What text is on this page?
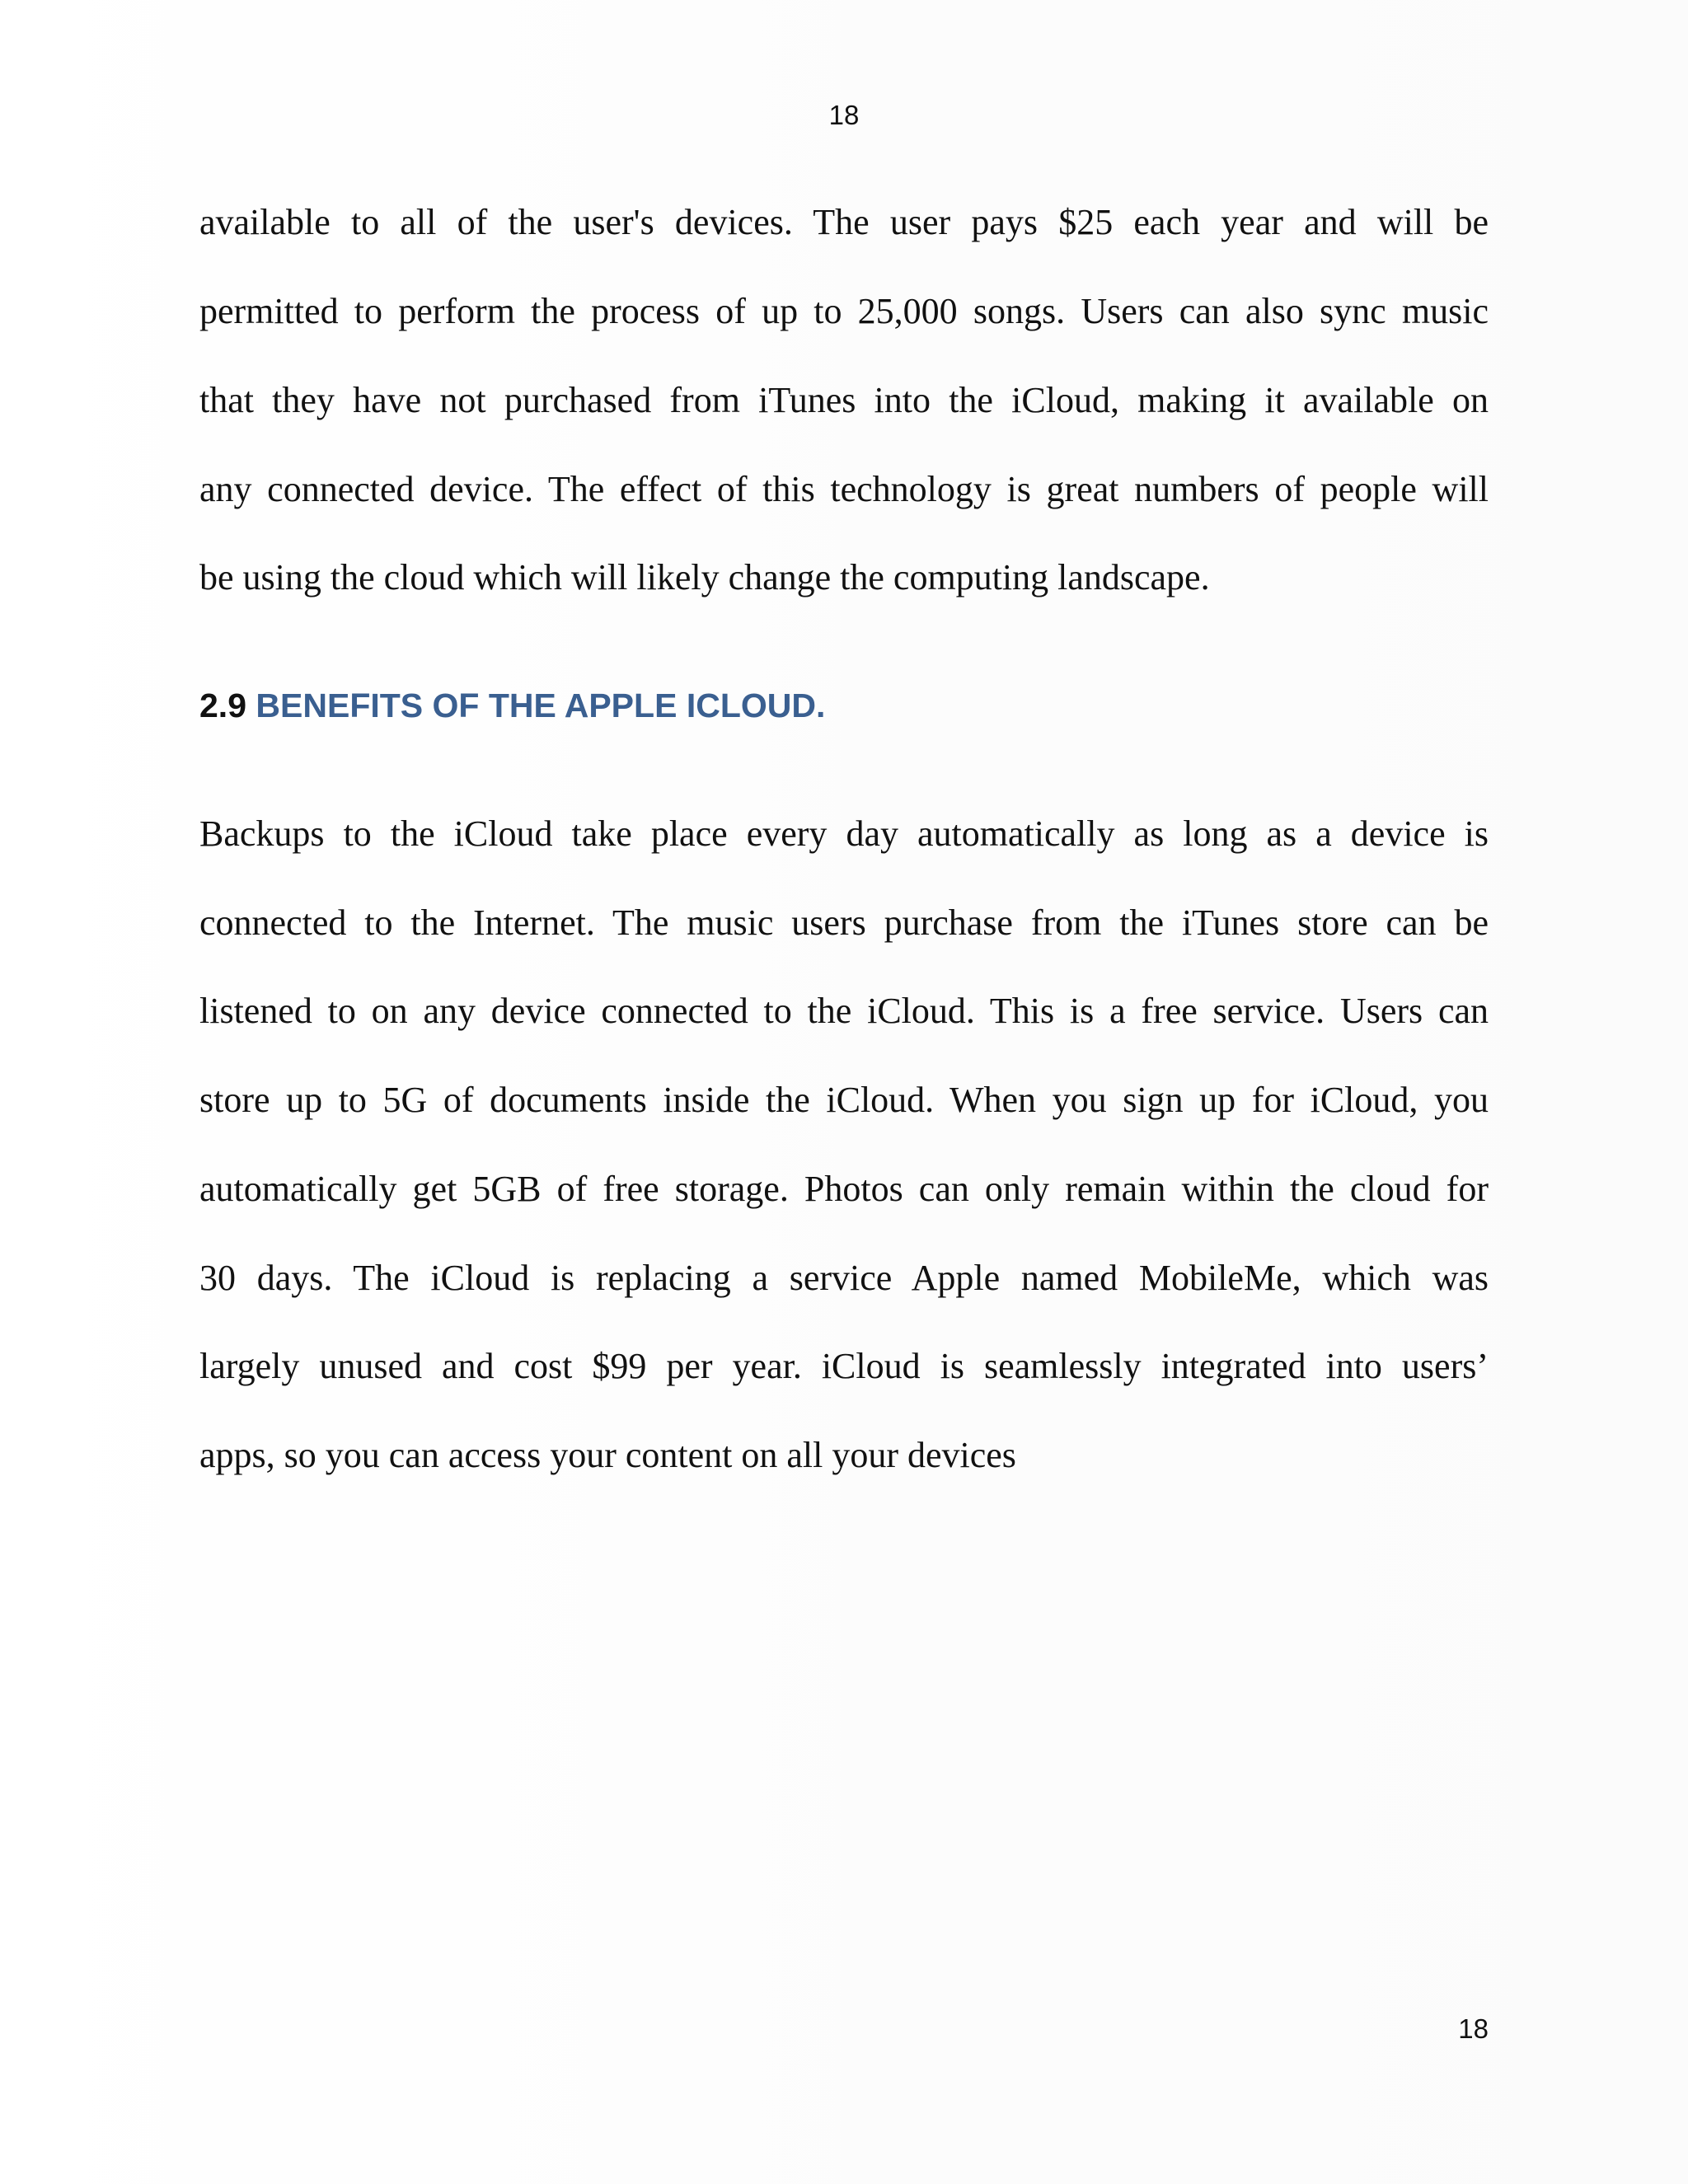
18
available to all of the user's devices. The user pays $25 each year and will be
permitted to perform the process of up to 25,000 songs. Users can also sync music
that they have not purchased from iTunes into the iCloud, making it available on
any connected device. The effect of this technology is great numbers of people will
be using the cloud which will likely change the computing landscape.
2.9 BENEFITS OF THE APPLE ICLOUD.
Backups to the iCloud take place every day automatically as long as a device is
connected to the Internet. The music users purchase from the iTunes store can be
listened to on any device connected to the iCloud. This is a free service. Users can
store up to 5G of documents inside the iCloud. When you sign up for iCloud, you
automatically get 5GB of free storage. Photos can only remain within the cloud for
30 days. The iCloud is replacing a service Apple named MobileMe, which was
largely unused and cost $99 per year. iCloud is seamlessly integrated into users’
apps, so you can access your content on all your devices
18
